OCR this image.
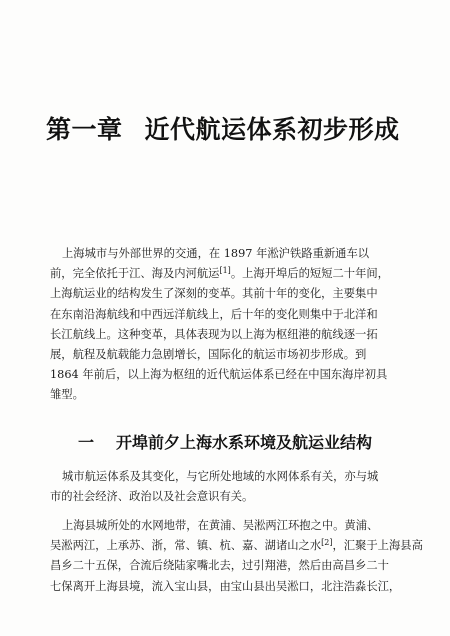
第一章 近代航运体系初步形成

上海城市与外部世界的交通，在 1897 年淞沪铁路重新通车以
前，完全依托于江、海及内河航运[1]。上海开埠后的短短二十年间，
上海航运业的结构发生了深刻的变革。其前十年的变化，主要集中
在东南沿海航线和中西远洋航线上，后十年的变化则集中于北洋和
长江航线上。这种变革，具体表现为以上海为枢纽港的航线逐一拓
展，航程及航载能力急剧增长，国际化的航运市场初步形成。到
1864 年前后，以上海为枢纽的近代航运体系已经在中国东海岸初具
雏型。

一 开埠前夕上海水系环境及航运业结构

城市航运体系及其变化，与它所处地域的水网体系有关，亦与城
市的社会经济、政治以及社会意识有关。

上海县城所处的水网地带，在黄浦、吴淞两江环抱之中。黄浦、
吴淞两江，上承苏、浙，常、镇、杭、嘉、湖诸山之水[2]，汇聚于上海县高
昌乡二十五保，合流后绕陆家嘴北去，过引翔港，然后由高昌乡二十
七保离开上海县境，流入宝山县，由宝山县出吴淞口，北注浩淼长江，
